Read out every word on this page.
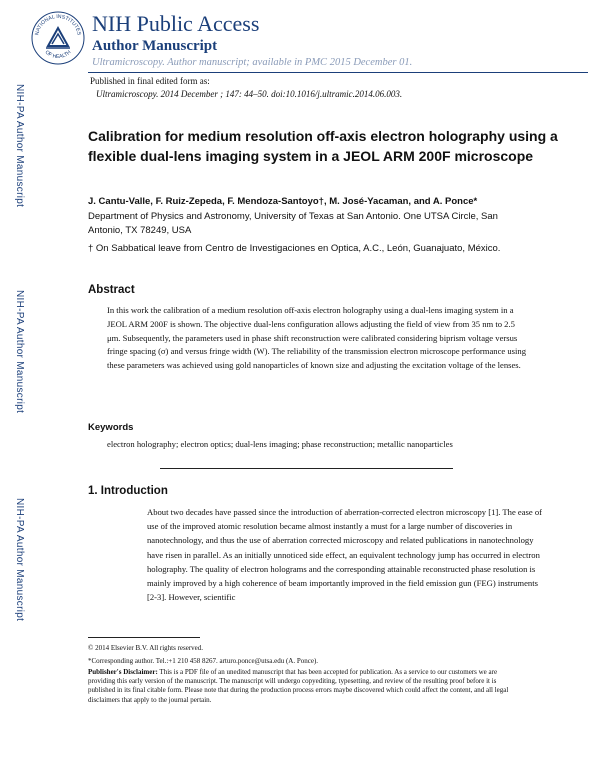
NATIONAL INSTITUTES
OF HEALTH
NIH Public Access
Author Manuscript
Ultramicroscopy. Author manuscript; available in PMC 2015 December 01.
Published in final edited form as:
Ultramicroscopy. 2014 December ; 147: 44–50. doi:10.1016/j.ultramic.2014.06.003.
NIH-PA Author Manuscript
NIH-PA Author Manuscript
NIH-PA Author Manuscript
Calibration for medium resolution off-axis electron holography using a flexible dual-lens imaging system in a JEOL ARM 200F microscope
J. Cantu-Valle, F. Ruiz-Zepeda, F. Mendoza-Santoyo†, M. José-Yacaman, and A. Ponce*
Department of Physics and Astronomy, University of Texas at San Antonio. One UTSA Circle, San Antonio, TX 78249, USA
† On Sabbatical leave from Centro de Investigaciones en Optica, A.C., León, Guanajuato, México.
Abstract
In this work the calibration of a medium resolution off-axis electron holography using a dual-lens imaging system in a JEOL ARM 200F is shown. The objective dual-lens configuration allows adjusting the field of view from 35 nm to 2.5 μm. Subsequently, the parameters used in phase shift reconstruction were calibrated considering biprism voltage versus fringe spacing (σ) and versus fringe width (W). The reliability of the transmission electron microscope performance using these parameters was achieved using gold nanoparticles of known size and adjusting the excitation voltage of the lenses.
Keywords
electron holography; electron optics; dual-lens imaging; phase reconstruction; metallic nanoparticles
1. Introduction
About two decades have passed since the introduction of aberration-corrected electron microscopy [1]. The ease of use of the improved atomic resolution became almost instantly a must for a large number of discoveries in nanotechnology, and thus the use of aberration corrected microscopy and related publications in nanotechnology have risen in parallel. As an initially unnoticed side effect, an equivalent technology jump has occurred in electron holography. The quality of electron holograms and the corresponding attainable reconstructed phase resolution is mainly improved by a high coherence of beam importantly improved in the field emission gun (FEG) instruments [2-3]. However, scientific
© 2014 Elsevier B.V. All rights reserved.
*Corresponding author. Tel.:+1 210 458 8267. arturo.ponce@utsa.edu (A. Ponce).
Publisher's Disclaimer: This is a PDF file of an unedited manuscript that has been accepted for publication. As a service to our customers we are providing this early version of the manuscript. The manuscript will undergo copyediting, typesetting, and review of the resulting proof before it is published in its final citable form. Please note that during the production process errors maybe discovered which could affect the content, and all legal disclaimers that apply to the journal pertain.
